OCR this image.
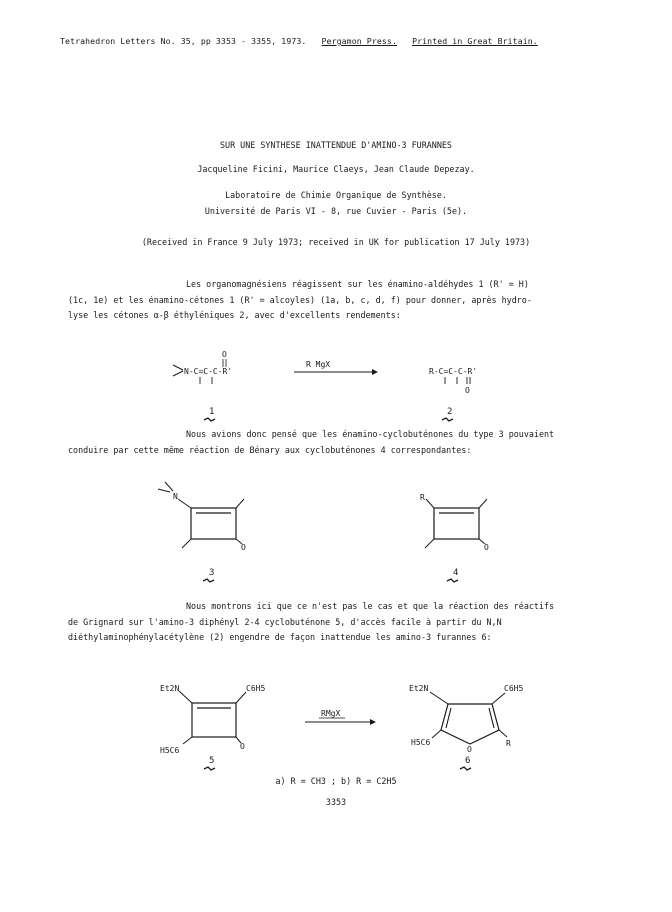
Tetrahedron Letters No. 35, pp 3353 - 3355, 1973. Pergamon Press. Printed in Great Britain.
SUR UNE SYNTHESE INATTENDUE D'AMINO-3 FURANNES
Jacqueline Ficini, Maurice Claeys, Jean Claude Depezay.
Laboratoire de Chimie Organique de Synthèse.
Université de Paris VI - 8, rue Cuvier - Paris (5e).
(Received in France 9 July 1973; received in UK for publication 17 July 1973)
Les organomagnésiens réagissent sur les énamino-aldéhydes 1 (R' = H)
(1c, 1e) et les énamino-cétones 1 (R' = alcoyles) (1a, b, c, d, f) pour donner, après hydro-
lyse les cétones α-β éthyléniques 2, avec d'excellents rendements:
N-C=C-C-R'
O
R MgX
R-C=C-C-R'
O
1	2
Nous avions donc pensé que les énamino-cyclobuténones du type 3 pouvaient
conduire par cette même réaction de Bénary aux cyclobuténones 4 correspondantes:
N
O
R
O
3	4
Nous montrons ici que ce n'est pas le cas et que la réaction des réactifs
de Grignard sur l'amino-3 diphényl 2-4 cyclobuténone 5, d'accès facile à partir du N,N
diéthylaminophénylacétylène (2) engendre de façon inattendue les amino-3 furannes 6:
Et2N	C6H5
H5C6	O
RMgX
Et2N	C6H5
H5C6
O
R
5	6
a) R = CH3 ; b) R = C2H5
3353
